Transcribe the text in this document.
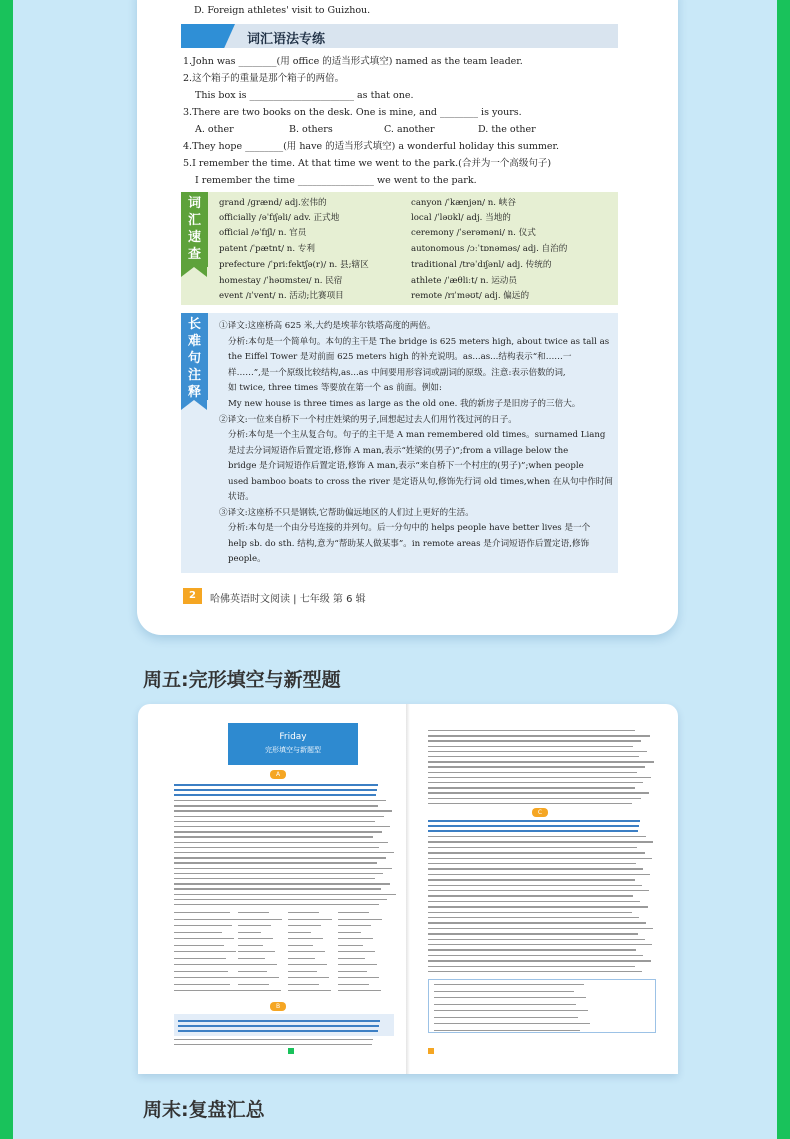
D. Foreign athletes' visit to Guizhou.
词汇语法专练
1.John was ________(用 office 的适当形式填空) named as the team leader.
2.这个箱子的重量是那个箱子的两倍。
This box is ______________________ as that one.
3.There are two books on the desk. One is mine, and ________ is yours.
A. other	B. others	C. another	D. the other
4.They hope ________(用 have 的适当形式填空) a wonderful holiday this summer.
5.I remember the time. At that time we went to the park.(合并为一个高级句子)
I remember the time ________________ we went to the park.
词
汇
速
查
grand /ɡrænd/ adj.宏伟的	canyon /ˈkænjən/ n. 峡谷
officially /əˈfɪʃəli/ adv. 正式地	local /ˈləʊkl/ adj. 当地的
official /əˈfɪʃl/ n. 官员	ceremony /ˈserəməni/ n. 仪式
patent /ˈpætnt/ n. 专利	autonomous /ɔːˈtɒnəməs/ adj. 自治的
prefecture /ˈpriːfektʃə(r)/ n. 县;辖区	traditional /trəˈdɪʃənl/ adj. 传统的
homestay /ˈhəʊmsteɪ/ n. 民宿	athlete /ˈæθliːt/ n. 运动员
event /ɪˈvent/ n. 活动;比赛项目	remote /rɪˈməʊt/ adj. 偏远的
长
难
句
注
释
①译文:这座桥高 625 米,大约是埃菲尔铁塔高度的两倍。
分析:本句是一个简单句。本句的主干是 The bridge is 625 meters high, about twice as tall as
the Eiffel Tower 是对前面 625 meters high 的补充说明。as...as...结构表示“和……一
样……”,是一个原级比较结构,as...as 中间要用形容词或副词的原级。注意:表示倍数的词,
如 twice, three times 等要放在第一个 as 前面。例如:
My new house is three times as large as the old one. 我的新房子是旧房子的三倍大。
②译文:一位来自桥下一个村庄姓梁的男子,回想起过去人们用竹筏过河的日子。
分析:本句是一个主从复合句。句子的主干是 A man remembered old times。surnamed Liang
是过去分词短语作后置定语,修饰 A man,表示“姓梁的(男子)”;from a village below the
bridge 是介词短语作后置定语,修饰 A man,表示“来自桥下一个村庄的(男子)”;when people
used bamboo boats to cross the river 是定语从句,修饰先行词 old times,when 在从句中作时间
状语。
③译文:这座桥不只是钢铁,它帮助偏远地区的人们过上更好的生活。
分析:本句是一个由分号连接的并列句。后一分句中的 helps people have better lives 是一个
help sb. do sth. 结构,意为“帮助某人做某事”。in remote areas 是介词短语作后置定语,修饰
people。
2	哈佛英语时文阅读 | 七年级 第 6 辑
周五:完形填空与新型题
Friday
完形填空与新题型
A
B
C
周末:复盘汇总
